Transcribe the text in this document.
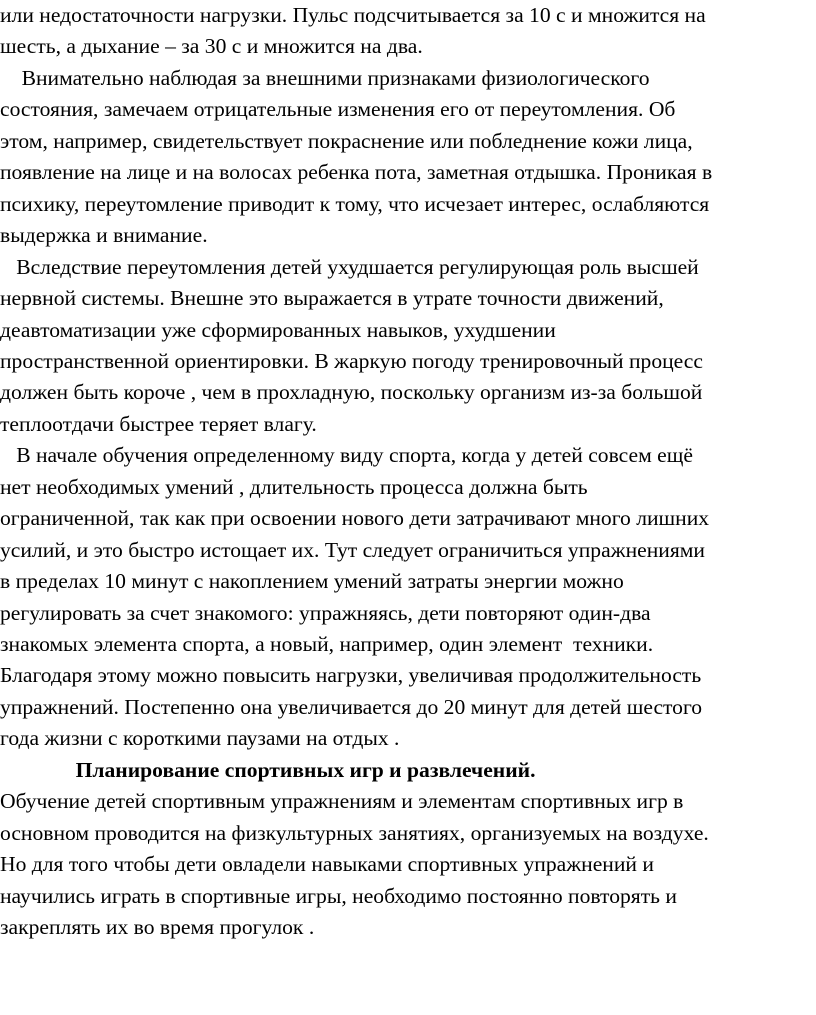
или недостаточности нагрузки. Пульс подсчитывается за 10 с и множится на
шесть, а дыхание – за 30 с и множится на два.
Внимательно наблюдая за внешними признаками физиологического
состояния, замечаем отрицательные изменения его от переутомления. Об
этом, например, свидетельствует покраснение или побледнение кожи лица,
появление на лице и на волосах ребенка пота, заметная отдышка. Проникая в
психику, переутомление приводит к тому, что исчезает интерес, ослабляются
выдержка и внимание.
Вследствие переутомления детей ухудшается регулирующая роль высшей
нервной системы. Внешне это выражается в утрате точности движений,
деавтоматизации уже сформированных навыков, ухудшении
пространственной ориентировки. В жаркую погоду тренировочный процесс
должен быть короче , чем в прохладную, поскольку организм из-за большой
теплоотдачи быстрее теряет влагу.
В начале обучения определенному виду спорта, когда у детей совсем ещё
нет необходимых умений , длительность процесса должна быть
ограниченной, так как при освоении нового дети затрачивают много лишних
усилий, и это быстро истощает их. Тут следует ограничиться упражнениями
в пределах 10 минут с накоплением умений затраты энергии можно
регулировать за счет знакомого: упражняясь, дети повторяют один-два
знакомых элемента спорта, а новый, например, один элемент  техники.
Благодаря этому можно повысить нагрузки, увеличивая продолжительность
упражнений. Постепенно она увеличивается до 20 минут для детей шестого
года жизни с короткими паузами на отдых .
Планирование спортивных игр и развлечений.
Обучение детей спортивным упражнениям и элементам спортивных игр в
основном проводится на физкультурных занятиях, организуемых на воздухе.
Но для того чтобы дети овладели навыками спортивных упражнений и
научились играть в спортивные игры, необходимо постоянно повторять и
закреплять их во время прогулок .
